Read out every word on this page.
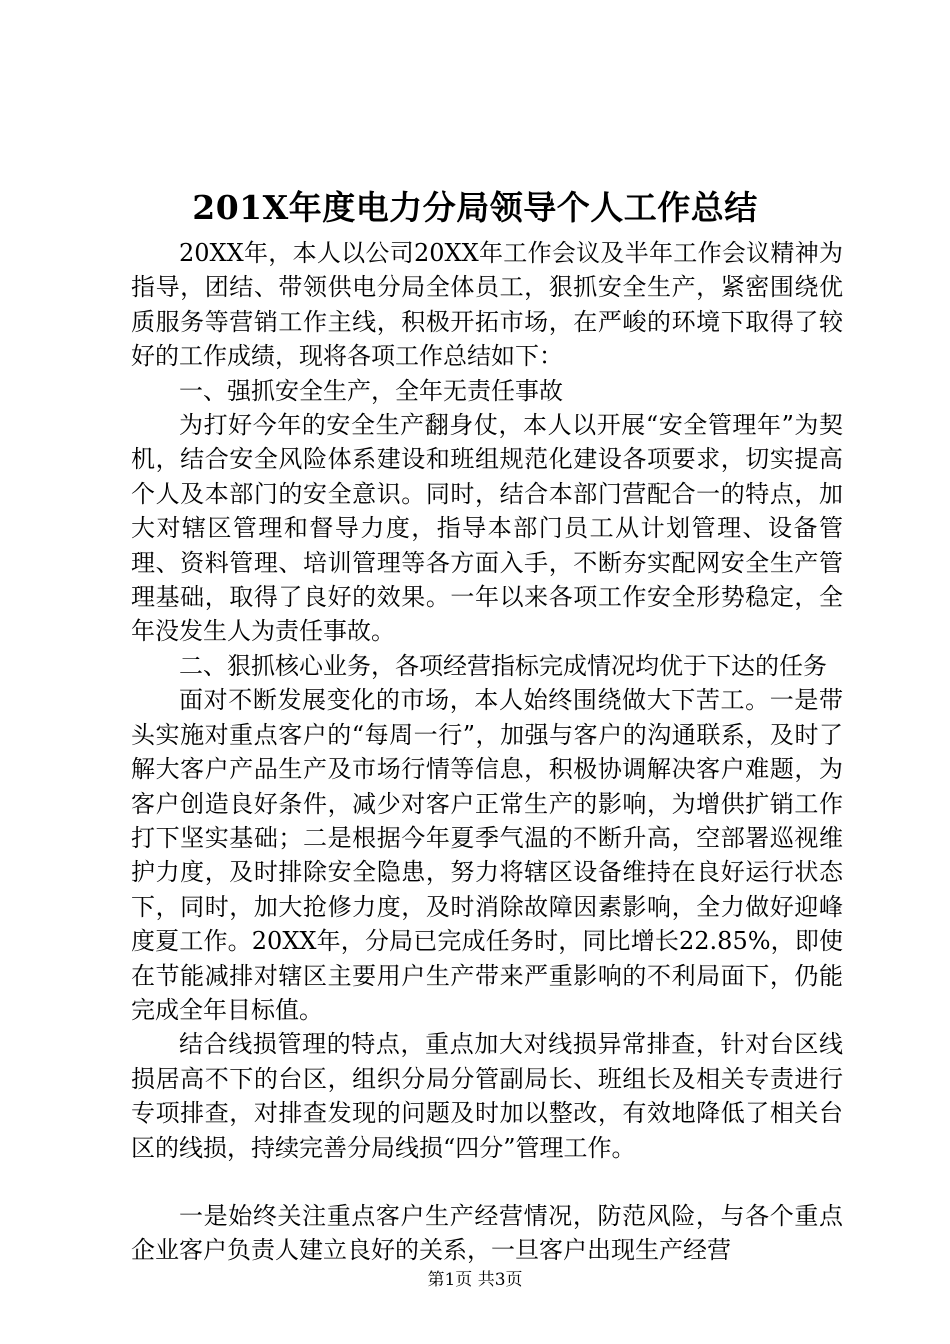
201X年度电力分局领导个人工作总结

20XX年，本人以公司20XX年工作会议及半年工作会议精神为指导，团结、带领供电分局全体员工，狠抓安全生产，紧密围绕优质服务等营销工作主线，积极开拓市场，在严峻的环境下取得了较好的工作成绩，现将各项工作总结如下：

一、强抓安全生产，全年无责任事故

为打好今年的安全生产翻身仗，本人以开展“安全管理年”为契机，结合安全风险体系建设和班组规范化建设各项要求，切实提高个人及本部门的安全意识。同时，结合本部门营配合一的特点，加大对辖区管理和督导力度，指导本部门员工从计划管理、设备管理、资料管理、培训管理等各方面入手，不断夯实配网安全生产管理基础，取得了良好的效果。一年以来各项工作安全形势稳定，全年没发生人为责任事故。

二、狠抓核心业务，各项经营指标完成情况均优于下达的任务

面对不断发展变化的市场，本人始终围绕做大下苦工。一是带头实施对重点客户的“每周一行”，加强与客户的沟通联系，及时了解大客户产品生产及市场行情等信息，积极协调解决客户难题，为客户创造良好条件，减少对客户正常生产的影响，为增供扩销工作打下坚实基础；二是根据今年夏季气温的不断升高，空部署巡视维护力度，及时排除安全隐患，努力将辖区设备维持在良好运行状态下，同时，加大抢修力度，及时消除故障因素影响，全力做好迎峰度夏工作。20XX年，分局已完成任务时，同比增长22.85%，即使在节能减排对辖区主要用户生产带来严重影响的不利局面下，仍能完成全年目标值。

结合线损管理的特点，重点加大对线损异常排查，针对台区线损居高不下的台区，组织分局分管副局长、班组长及相关专责进行专项排查，对排查发现的问题及时加以整改，有效地降低了相关台区的线损，持续完善分局线损“四分”管理工作。

一是始终关注重点客户生产经营情况，防范风险，与各个重点企业客户负责人建立良好的关系，一旦客户出现生产经营

第1页 共3页
